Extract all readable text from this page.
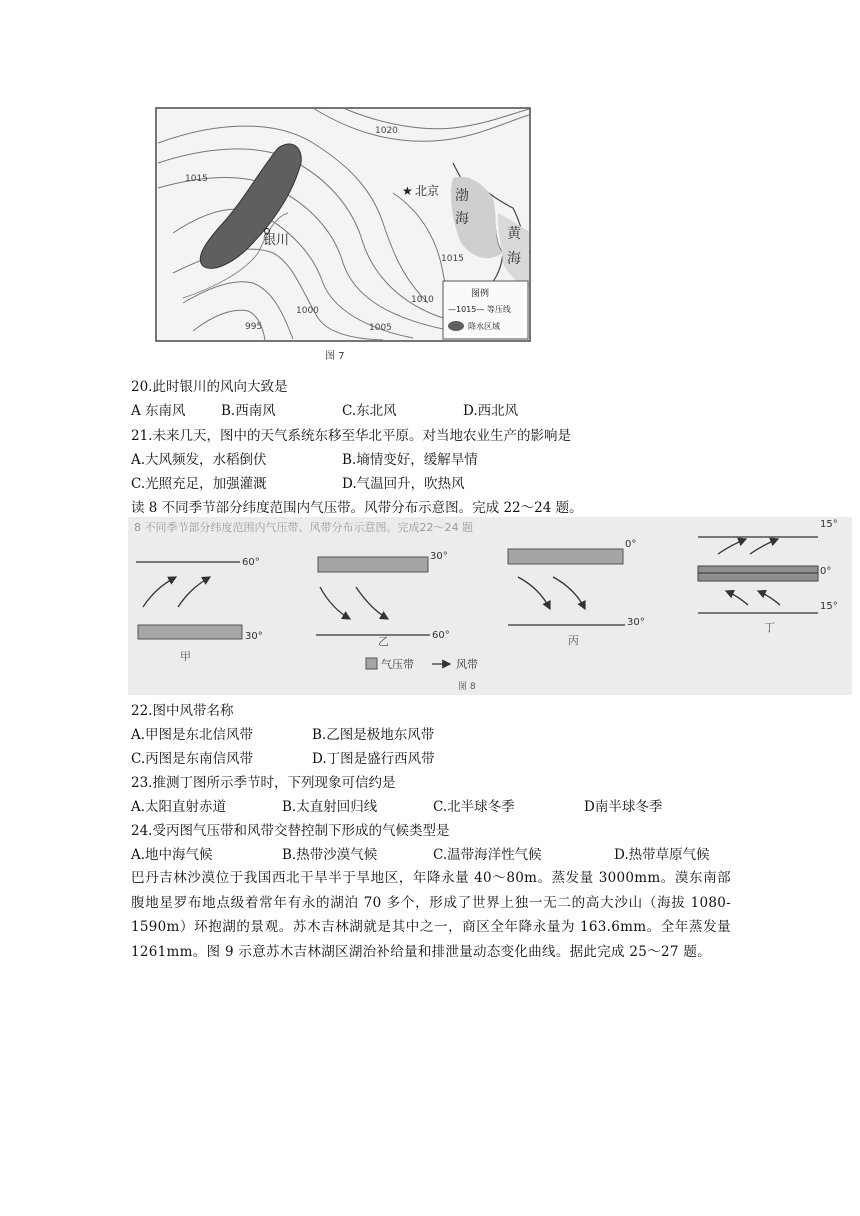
★ 北京
银川
渤
海
黄
海
1020
1015
1015
1010
1005
1000
995
图例
—1015— 等压线
降水区域
图 7
20.此时银川的风向大致是
A 东南风	B.西南风	C.东北风	D.西北风
21.未来几天，图中的天气系统东移至华北平原。对当地农业生产的影响是
A.大风频发，水稻倒伏	B.墒情变好，缓解旱情
C.光照充足，加强灌溉	D.气温回升，吹热风
读 8 不同季节部分纬度范围内气压带。风带分布示意图。完成 22～24 题。
8 不同季节部分纬度范围内气压带、风带分布示意图。完成22～24 题
60°
30°
甲
30°
60°
乙
0°
30°
丙
15°
0°
15°
丁
气压带	风带
图 8
22.图中风带名称
A.甲图是东北信风带	B.乙图是极地东风带
C.丙图是东南信风带	D.丁图是盛行西风带
23.推测丁图所示季节时，下列现象可信约是
A.太阳直射赤道	B.太直射回归线	C.北半球冬季	D南半球冬季
24.受丙图气压带和风带交替控制下形成的气候类型是
A.地中海气候	B.热带沙漠气候	C.温带海洋性气候	D.热带草原气候
巴丹吉林沙漠位于我国西北干旱半于旱地区，年降永量 40～80m。蒸发量 3000mm。漠东南部腹地星罗布地点级着常年有永的湖泊 70 多个，形成了世界上独一无二的高大沙山（海拔 1080-1590m）环抱湖的景观。苏木吉林湖就是其中之一，商区全年降永量为 163.6mm。全年蒸发量 1261mm。图 9 示意苏木吉林湖区湖治补给量和排泄量动态变化曲线。据此完成 25～27 题。
